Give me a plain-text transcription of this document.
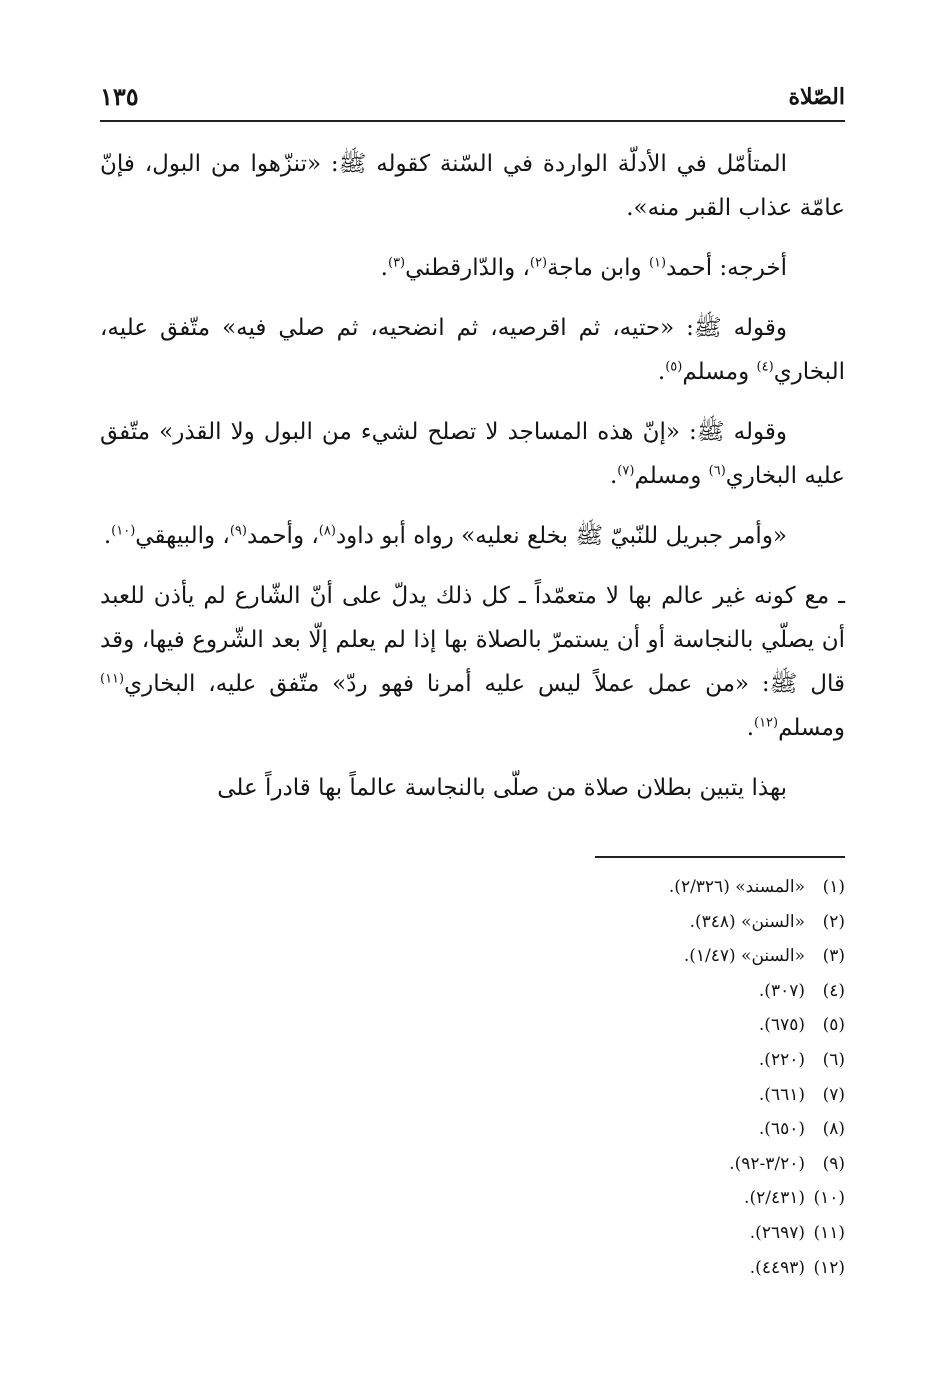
الصّلاة
١٣٥

المتأمّل في الأدلّة الواردة في السّنة كقوله ﷺ: «تنزّهوا من البول، فإنّ عامّة عذاب القبر منه».

أخرجه: أحمد$^{(١)}$ وابن ماجة$^{(٢)}$، والدّارقطني$^{(٣)}$.

وقوله ﷺ: «حتيه، ثم اقرصيه، ثم انضحيه، ثم صلي فيه» متّفق عليه، البخاري$^{(٤)}$ ومسلم$^{(٥)}$.

وقوله ﷺ: «إنّ هذه المساجد لا تصلح لشيء من البول ولا القذر» متّفق عليه البخاري$^{(٦)}$ ومسلم$^{(٧)}$.

«وأمر جبريل للنّبيّ ﷺ بخلع نعليه» رواه أبو داود$^{(٨)}$، وأحمد$^{(٩)}$، والبيهقي$^{(١٠)}$.

ـ مع كونه غير عالم بها لا متعمّداً ـ كل ذلك يدلّ على أنّ الشّارع لم يأذن للعبد أن يصلّي بالنجاسة أو أن يستمرّ بالصلاة بها إذا لم يعلم إلّا بعد الشّروع فيها، وقد قال ﷺ: «من عمل عملاً ليس عليه أمرنا فهو ردّ» متّفق عليه، البخاري$^{(١١)}$ ومسلم$^{(١٢)}$.

بهذا يتبين بطلان صلاة من صلّى بالنجاسة عالماً بها قادراً على

(١)«المسند» (٢/٣٢٦).
(٢)«السنن» (٣٤٨).
(٣)«السنن» (١/٤٧).
(٤)(٣٠٧).
(٥)(٦٧٥).
(٦)(٢٢٠).
(٧)(٦٦١).
(٨)(٦٥٠).
(٩)(٣/٢٠-٩٢).
(١٠)(٢/٤٣١).
(١١)(٢٦٩٧).
(١٢)(٤٤٩٣).
